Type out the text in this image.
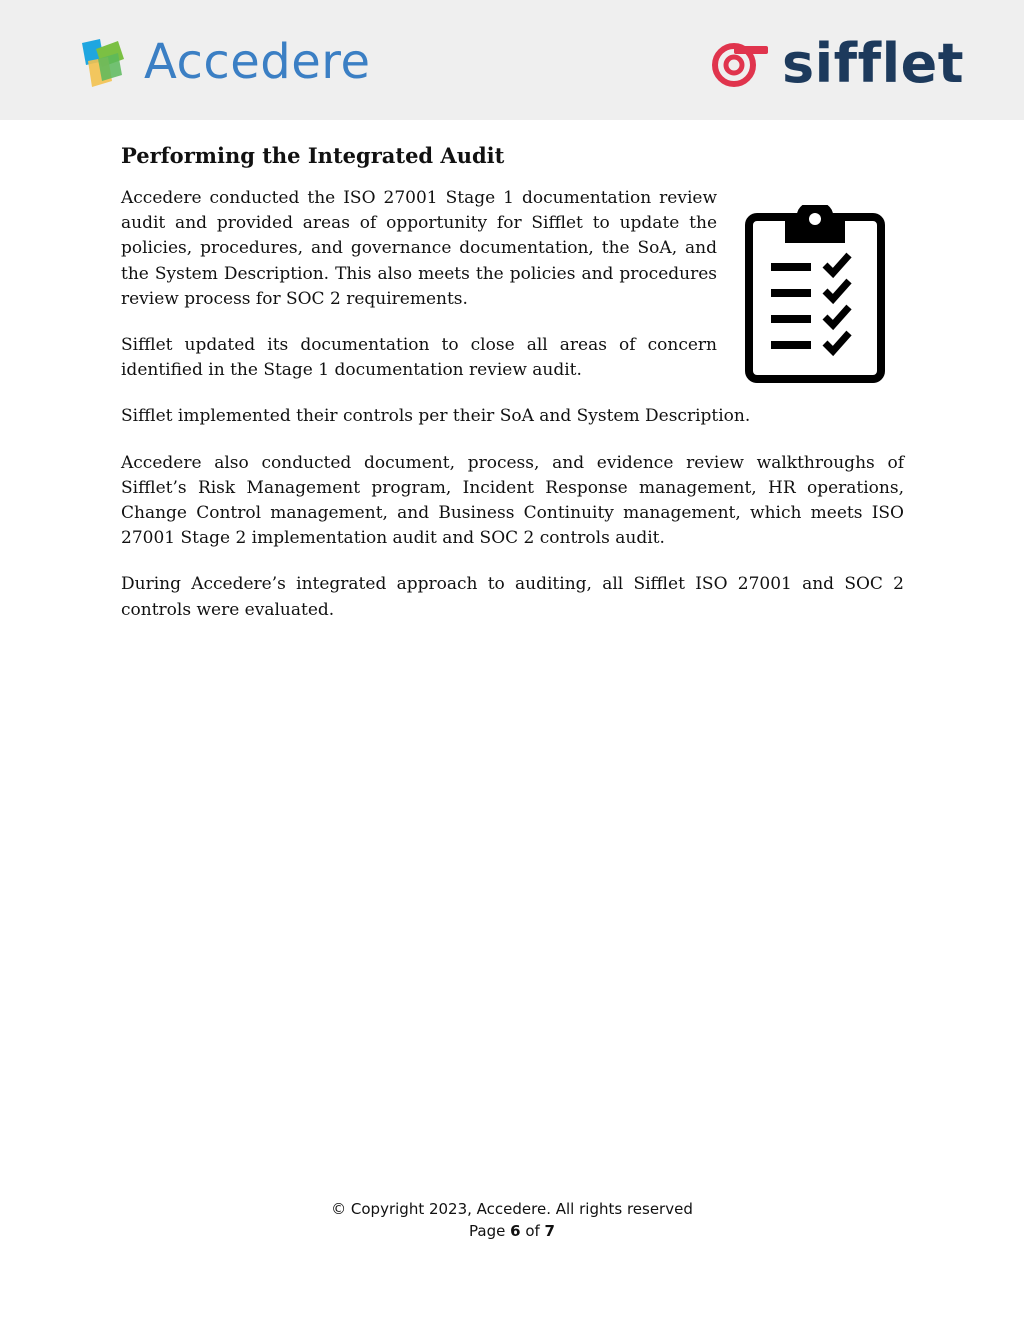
Accedere	sifflet
Performing the Integrated Audit

Accedere conducted the ISO 27001 Stage 1 documentation review audit and provided areas of opportunity for Sifflet to update the policies, procedures, and governance documentation, the SoA, and the System Description. This also meets the policies and procedures review process for SOC 2 requirements.

Sifflet updated its documentation to close all areas of concern identified in the Stage 1 documentation review audit.

Sifflet implemented their controls per their SoA and System Description.

Accedere also conducted document, process, and evidence review walkthroughs of Sifflet’s Risk Management program, Incident Response management, HR operations, Change Control management, and Business Continuity management, which meets ISO 27001 Stage 2 implementation audit and SOC 2 controls audit.

During Accedere’s integrated approach to auditing, all Sifflet ISO 27001 and SOC 2 controls were evaluated.

© Copyright 2023, Accedere. All rights reserved
Page 6 of 7
